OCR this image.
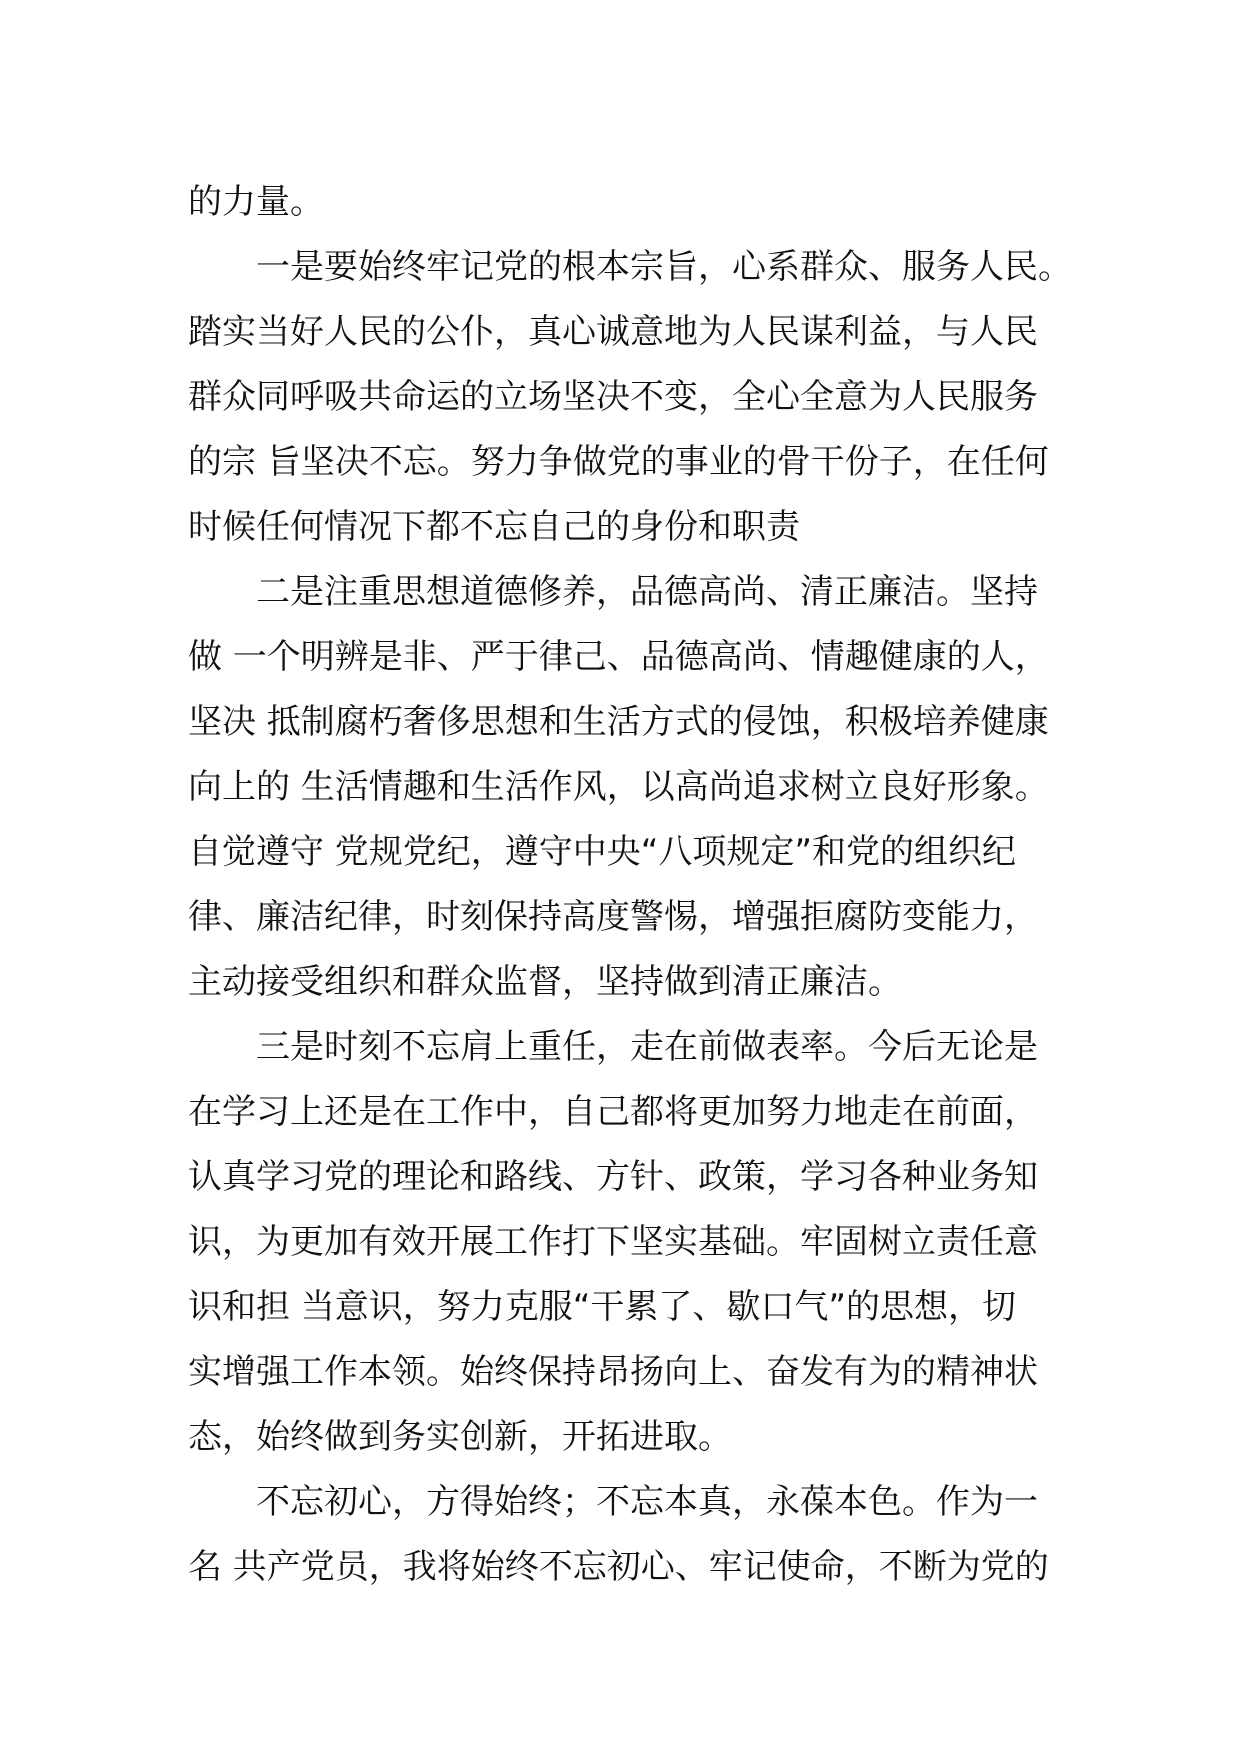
的力量。
一是要始终牢记党的根本宗旨，心系群众、服务人民。
踏实当好人民的公仆，真心诚意地为人民谋利益，与人民
群众同呼吸共命运的立场坚决不变，全心全意为人民服务
的宗 旨坚决不忘。努力争做党的事业的骨干份子，在任何
时候任何情况下都不忘自己的身份和职责
二是注重思想道德修养，品德高尚、清正廉洁。坚持
做 一个明辨是非、严于律己、品德高尚、情趣健康的人，
坚决 抵制腐朽奢侈思想和生活方式的侵蚀，积极培养健康
向上的 生活情趣和生活作风，以高尚追求树立良好形象。
自觉遵守 党规党纪，遵守中央“八项规定”和党的组织纪
律、廉洁纪律，时刻保持高度警惕，增强拒腐防变能力，
主动接受组织和群众监督，坚持做到清正廉洁。
三是时刻不忘肩上重任，走在前做表率。今后无论是
在学习上还是在工作中，自己都将更加努力地走在前面，
认真学习党的理论和路线、方针、政策，学习各种业务知
识，为更加有效开展工作打下坚实基础。牢固树立责任意
识和担 当意识，努力克服“干累了、歇口气”的思想，切
实增强工作本领。始终保持昂扬向上、奋发有为的精神状
态，始终做到务实创新，开拓进取。
不忘初心，方得始终；不忘本真，永葆本色。作为一
名 共产党员，我将始终不忘初心、牢记使命，不断为党的
